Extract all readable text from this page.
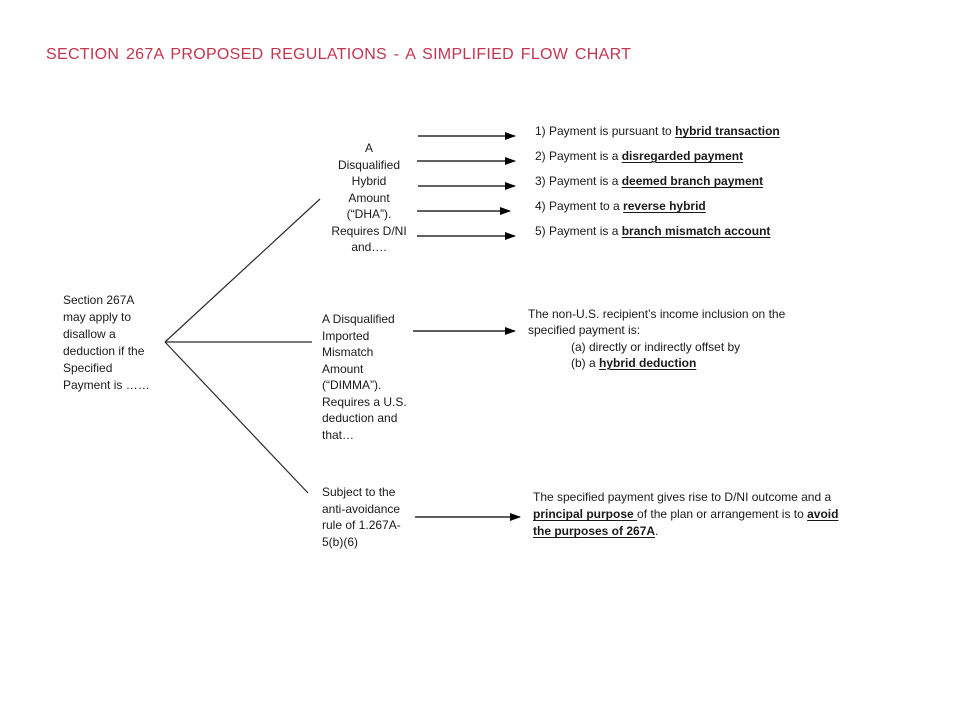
SECTION 267A PROPOSED REGULATIONS - A SIMPLIFIED FLOW CHART
Section 267A
may apply to
disallow a
deduction if the
Specified
Payment is ……
A
Disqualified
Hybrid
Amount
(“DHA”).
Requires D/NI
and….
1) Payment is pursuant to hybrid transaction
2) Payment is a disregarded payment
3) Payment is a deemed branch payment
4) Payment to a reverse hybrid
5) Payment is a branch mismatch account
A Disqualified
Imported
Mismatch
Amount
(“DIMMA”).
Requires a U.S.
deduction and
that…
The non-U.S. recipient’s income inclusion on the
specified payment is:
(a) directly or indirectly offset by
(b) a hybrid deduction
Subject to the
anti-avoidance
rule of 1.267A-
5(b)(6)
The specified payment gives rise to D/NI outcome and a
principal purpose of the plan or arrangement is to avoid
the purposes of 267A.
